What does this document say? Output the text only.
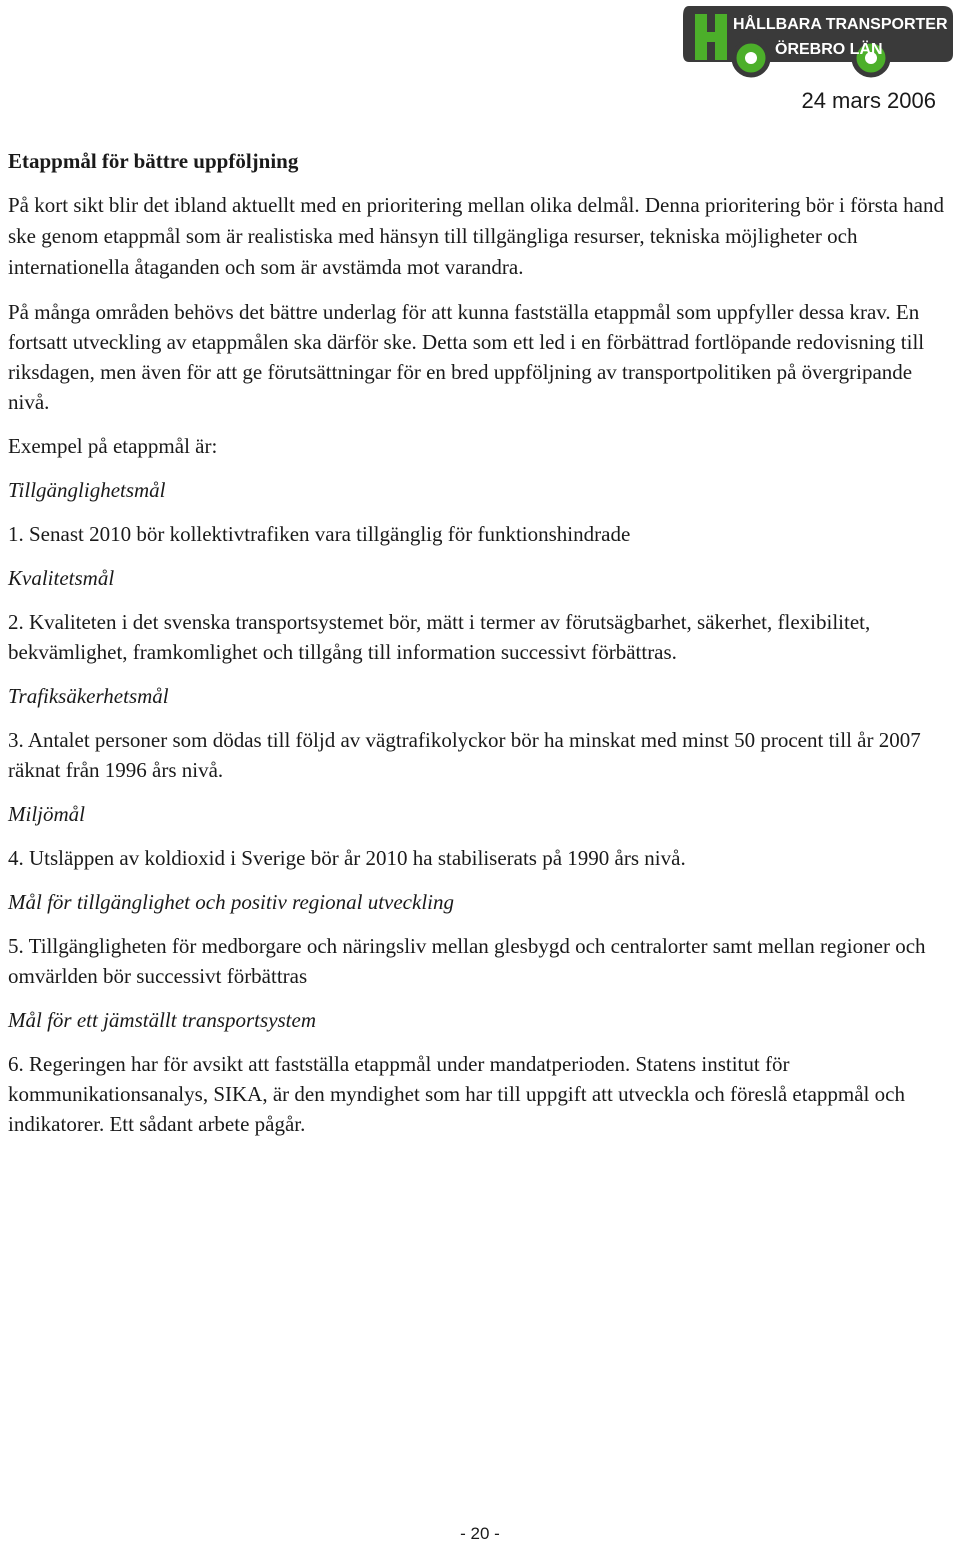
HÅLLBARA TRANSPORTER
ÖREBRO LÄN
24 mars 2006
Etappmål för bättre uppföljning
På kort sikt blir det ibland aktuellt med en prioritering mellan olika delmål. Denna prioritering bör i första hand ske genom etappmål som är realistiska med hänsyn till tillgängliga resurser, tekniska möjligheter och internationella åtaganden och som är avstämda mot varandra.
På många områden behövs det bättre underlag för att kunna fastställa etappmål som uppfyller dessa krav. En fortsatt utveckling av etappmålen ska därför ske. Detta som ett led i en förbättrad fortlöpande redovisning till riksdagen, men även för att ge förutsättningar för en bred uppföljning av transportpolitiken på övergripande nivå.
Exempel på etappmål är:
Tillgänglighetsmål
1. Senast 2010 bör kollektivtrafiken vara tillgänglig för funktionshindrade
Kvalitetsmål
2. Kvaliteten i det svenska transportsystemet bör, mätt i termer av förutsägbarhet, säkerhet, flexibilitet, bekvämlighet, framkomlighet och tillgång till information successivt förbättras.
Trafiksäkerhetsmål
3. Antalet personer som dödas till följd av vägtrafikolyckor bör ha minskat med minst 50 procent till år 2007 räknat från 1996 års nivå.
Miljömål
4. Utsläppen av koldioxid i Sverige bör år 2010 ha stabiliserats på 1990 års nivå.
Mål för tillgänglighet och positiv regional utveckling
5. Tillgängligheten för medborgare och näringsliv mellan glesbygd och centralorter samt mellan regioner och omvärlden bör successivt förbättras
Mål för ett jämställt transportsystem
6. Regeringen har för avsikt att fastställa etappmål under mandatperioden. Statens institut för kommunikationsanalys, SIKA, är den myndighet som har till uppgift att utveckla och föreslå etappmål och indikatorer. Ett sådant arbete pågår.
- 20 -
